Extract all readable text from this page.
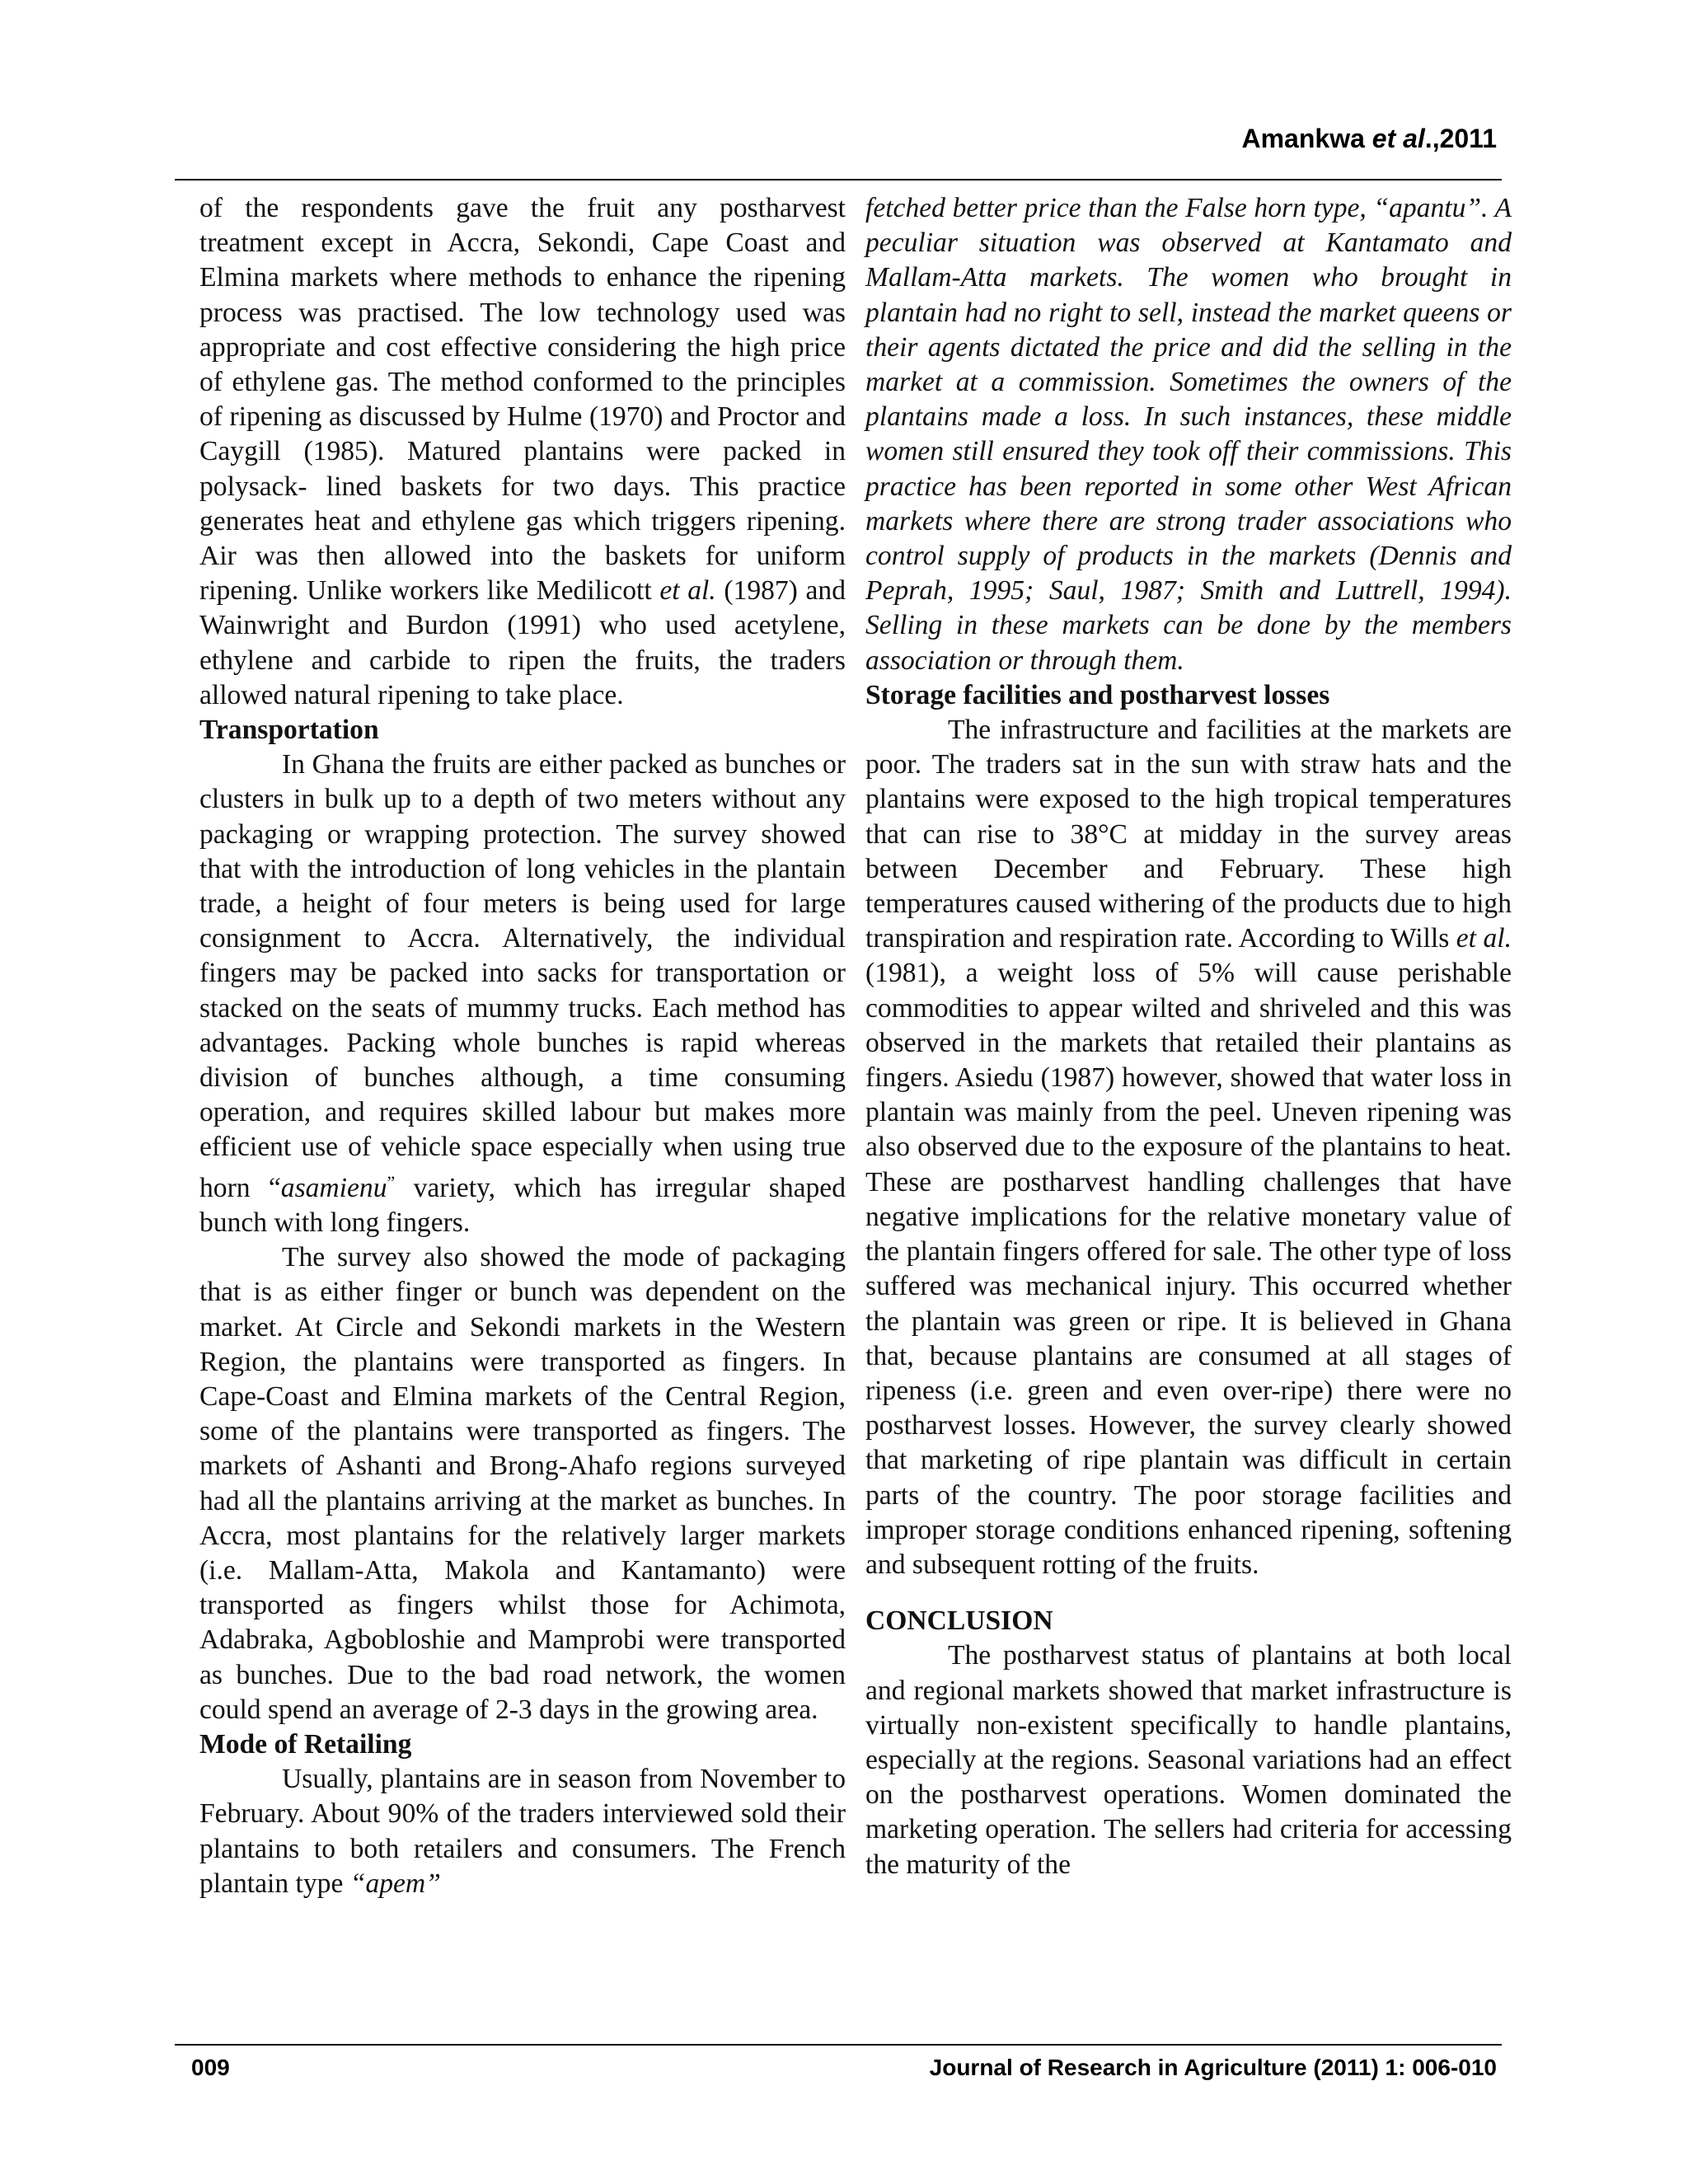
Amankwa et al.,2011

of the respondents gave the fruit any postharvest treatment except in Accra, Sekondi, Cape Coast and Elmina markets where methods to enhance the ripening process was practised. The low technology used was appropriate and cost effective considering the high price of ethylene gas. The method conformed to the principles of ripening as discussed by Hulme (1970) and Proctor and Caygill (1985). Matured plantains were packed in polysack- lined baskets for two days. This practice generates heat and ethylene gas which triggers ripening. Air was then allowed into the baskets for uniform ripening. Unlike workers like Medilicott et al. (1987) and Wainwright and Burdon (1991) who used acetylene, ethylene and carbide to ripen the fruits, the traders allowed natural ripening to take place.

Transportation

In Ghana the fruits are either packed as bunches or clusters in bulk up to a depth of two meters without any packaging or wrapping protection. The survey showed that with the introduction of long vehicles in the plantain trade, a height of four meters is being used for large consignment to Accra. Alternatively, the individual fingers may be packed into sacks for transportation or stacked on the seats of mummy trucks. Each method has advantages. Packing whole bunches is rapid whereas division of bunches although, a time consuming operation, and requires skilled labour but makes more efficient use of vehicle space especially when using true horn “asamienu” variety, which has irregular shaped bunch with long fingers.

The survey also showed the mode of packaging that is as either finger or bunch was dependent on the market. At Circle and Sekondi markets in the Western Region, the plantains were transported as fingers. In Cape-Coast and Elmina markets of the Central Region, some of the plantains were transported as fingers. The markets of Ashanti and Brong-Ahafo regions surveyed had all the plantains arriving at the market as bunches. In Accra, most plantains for the relatively larger markets (i.e. Mallam-Atta, Makola and Kantamanto) were transported as fingers whilst those for Achimota, Adabraka, Agbobloshie and Mamprobi were transported as bunches. Due to the bad road network, the women could spend an average of 2-3 days in the growing area.

Mode of Retailing

Usually, plantains are in season from November to February. About 90% of the traders interviewed sold their plantains to both retailers and consumers. The French plantain type “apem”

fetched better price than the False horn type, “apantu”. A peculiar situation was observed at Kantamato and Mallam-Atta markets. The women who brought in plantain had no right to sell, instead the market queens or their agents dictated the price and did the selling in the market at a commission. Sometimes the owners of the plantains made a loss. In such instances, these middle women still ensured they took off their commissions. This practice has been reported in some other West African markets where there are strong trader associations who control supply of products in the markets (Dennis and Peprah, 1995; Saul, 1987; Smith and Luttrell, 1994). Selling in these markets can be done by the members association or through them.

Storage facilities and postharvest losses

The infrastructure and facilities at the markets are poor. The traders sat in the sun with straw hats and the plantains were exposed to the high tropical temperatures that can rise to 38°C at midday in the survey areas between December and February. These high temperatures caused withering of the products due to high transpiration and respiration rate. According to Wills et al. (1981), a weight loss of 5% will cause perishable commodities to appear wilted and shriveled and this was observed in the markets that retailed their plantains as fingers. Asiedu (1987) however, showed that water loss in plantain was mainly from the peel. Uneven ripening was also observed due to the exposure of the plantains to heat. These are postharvest handling challenges that have negative implications for the relative monetary value of the plantain fingers offered for sale. The other type of loss suffered was mechanical injury. This occurred whether the plantain was green or ripe. It is believed in Ghana that, because plantains are consumed at all stages of ripeness (i.e. green and even over-ripe) there were no postharvest losses. However, the survey clearly showed that marketing of ripe plantain was difficult in certain parts of the country. The poor storage facilities and improper storage conditions enhanced ripening, softening and subsequent rotting of the fruits.

CONCLUSION

The postharvest status of plantains at both local and regional markets showed that market infrastructure is virtually non-existent specifically to handle plantains, especially at the regions. Seasonal variations had an effect on the postharvest operations. Women dominated the marketing operation. The sellers had criteria for accessing the maturity of the

009	Journal of Research in Agriculture (2011) 1: 006-010
